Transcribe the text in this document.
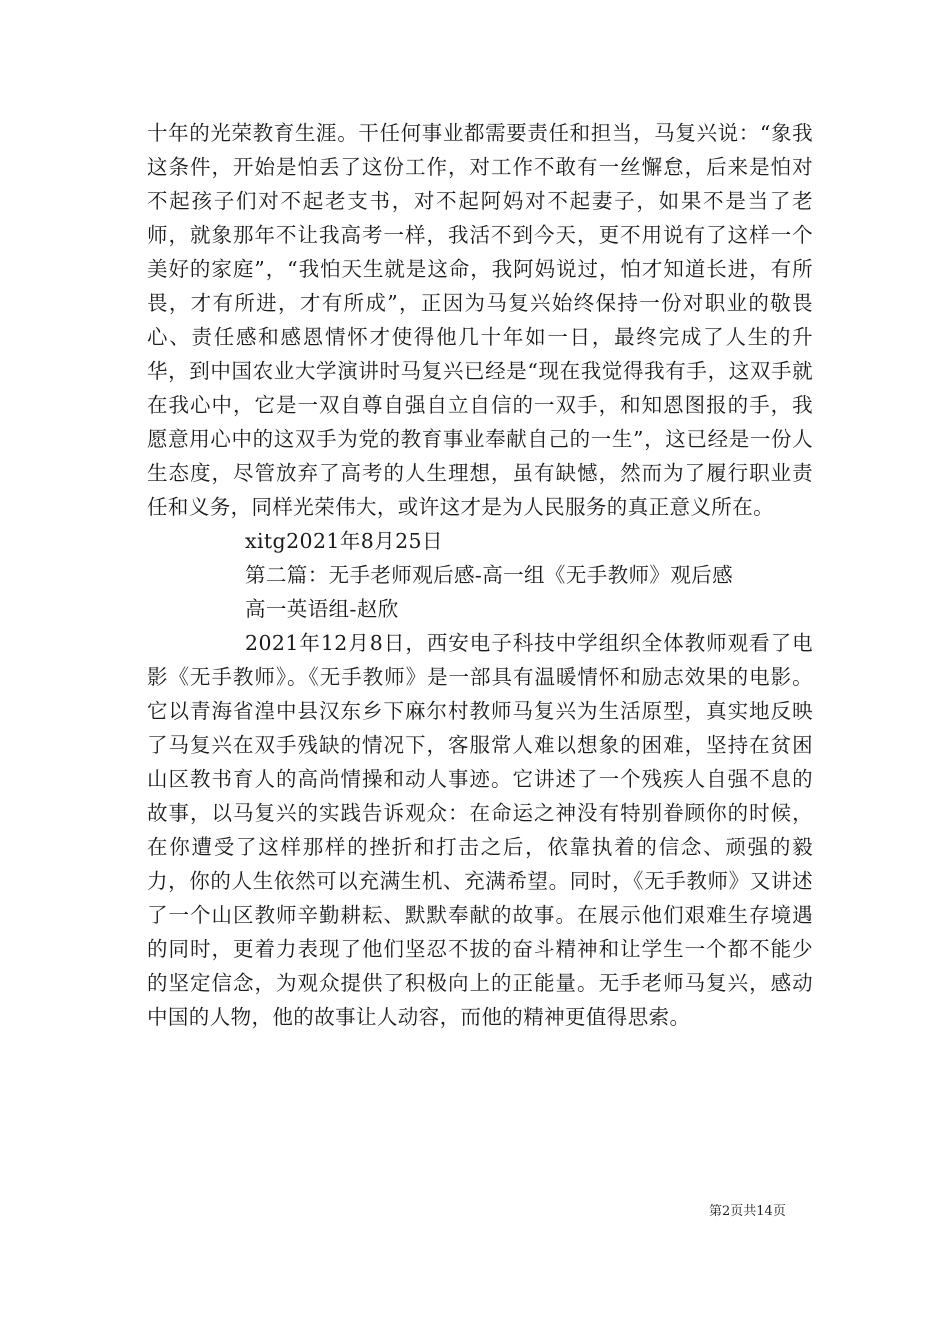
十年的光荣教育生涯。干任何事业都需要责任和担当，马复兴说：“象我这条件，开始是怕丢了这份工作，对工作不敢有一丝懈怠，后来是怕对不起孩子们对不起老支书，对不起阿妈对不起妻子，如果不是当了老师，就象那年不让我高考一样，我活不到今天，更不用说有了这样一个美好的家庭”，“我怕天生就是这命，我阿妈说过，怕才知道长进，有所畏，才有所进，才有所成”，正因为马复兴始终保持一份对职业的敬畏心、责任感和感恩情怀才使得他几十年如一日，最终完成了人生的升华，到中国农业大学演讲时马复兴已经是“现在我觉得我有手，这双手就在我心中，它是一双自尊自强自立自信的一双手，和知恩图报的手，我愿意用心中的这双手为党的教育事业奉献自己的一生”，这已经是一份人生态度，尽管放弃了高考的人生理想，虽有缺憾，然而为了履行职业责任和义务，同样光荣伟大，或许这才是为人民服务的真正意义所在。

xitg2021年8月25日

第二篇：无手老师观后感-高一组《无手教师》观后感

高一英语组-赵欣

2021年12月8日，西安电子科技中学组织全体教师观看了电影《无手教师》。《无手教师》是一部具有温暖情怀和励志效果的电影。它以青海省湟中县汉东乡下麻尔村教师马复兴为生活原型，真实地反映了马复兴在双手残缺的情况下，客服常人难以想象的困难，坚持在贫困山区教书育人的高尚情操和动人事迹。它讲述了一个残疾人自强不息的故事，以马复兴的实践告诉观众：在命运之神没有特别眷顾你的时候，在你遭受了这样那样的挫折和打击之后，依靠执着的信念、顽强的毅力，你的人生依然可以充满生机、充满希望。同时，《无手教师》又讲述了一个山区教师辛勤耕耘、默默奉献的故事。在展示他们艰难生存境遇的同时，更着力表现了他们坚忍不拔的奋斗精神和让学生一个都不能少的坚定信念，为观众提供了积极向上的正能量。无手老师马复兴，感动中国的人物，他的故事让人动容，而他的精神更值得思索。

第2页共14页
